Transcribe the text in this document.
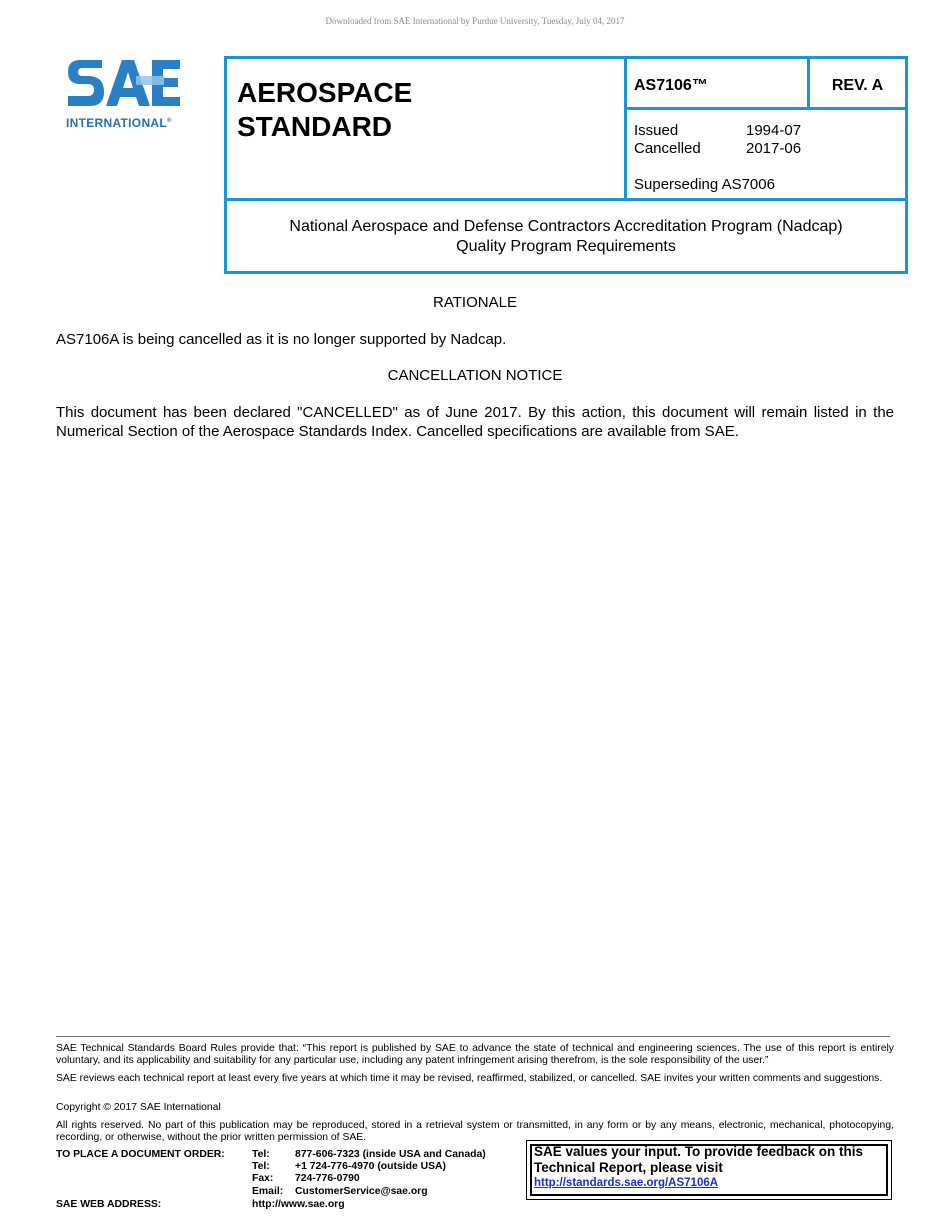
Downloaded from SAE International by Purdue University, Tuesday, July 04, 2017
INTERNATIONAL®
AEROSPACE
STANDARD
AS7106™	REV. A
Issued	1994-07
Cancelled	2017-06
Superseding AS7006
National Aerospace and Defense Contractors Accreditation Program (Nadcap)
Quality Program Requirements
RATIONALE
AS7106A is being cancelled as it is no longer supported by Nadcap.
CANCELLATION NOTICE
This document has been declared "CANCELLED" as of June 2017. By this action, this document will remain listed in the Numerical Section of the Aerospace Standards Index. Cancelled specifications are available from SAE.
SAE Technical Standards Board Rules provide that: “This report is published by SAE to advance the state of technical and engineering sciences. The use of this report is entirely voluntary, and its applicability and suitability for any particular use, including any patent infringement arising therefrom, is the sole responsibility of the user.”
SAE reviews each technical report at least every five years at which time it may be revised, reaffirmed, stabilized, or cancelled. SAE invites your written comments and suggestions.
Copyright © 2017 SAE International
All rights reserved. No part of this publication may be reproduced, stored in a retrieval system or transmitted, in any form or by any means, electronic, mechanical, photocopying, recording, or otherwise, without the prior written permission of SAE.
TO PLACE A DOCUMENT ORDER:	Tel: 877-606-7323 (inside USA and Canada)
Tel: +1 724-776-4970 (outside USA)
Fax: 724-776-0790
Email: CustomerService@sae.org
SAE WEB ADDRESS:	http://www.sae.org
SAE values your input. To provide feedback on this Technical Report, please visit
http://standards.sae.org/AS7106A
